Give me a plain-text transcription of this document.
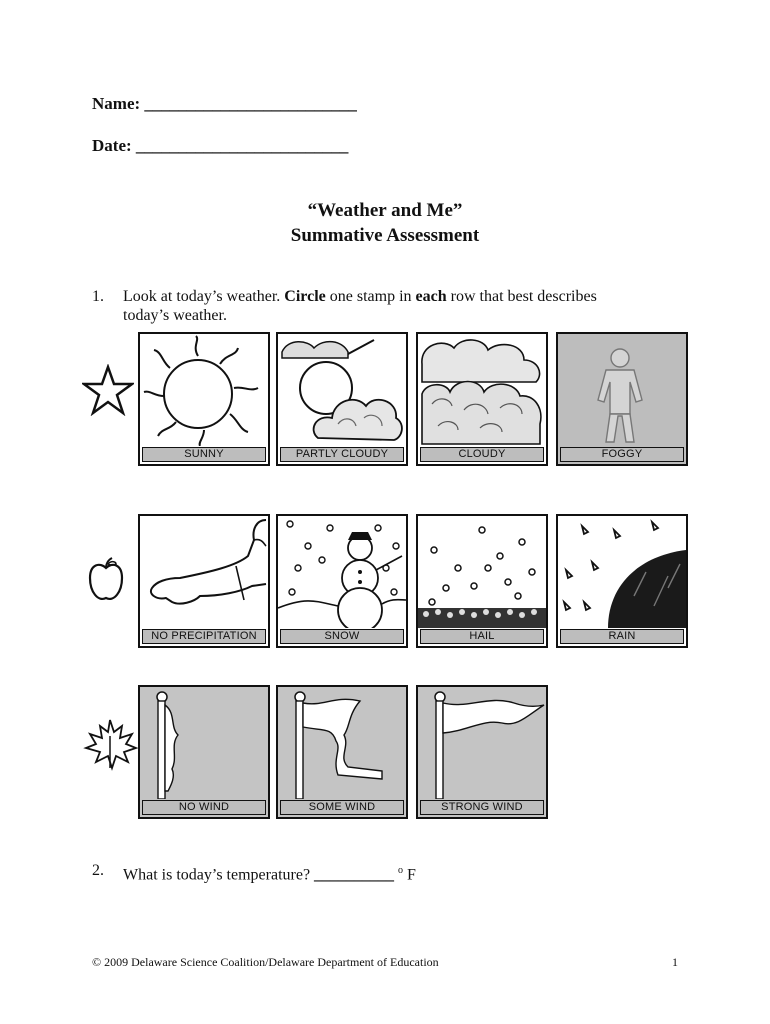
Name: _________________________
Date: _________________________
“Weather and Me”
Summative Assessment
1. Look at today’s weather. Circle one stamp in each row that best describes
today’s weather.
SUNNY	PARTLY CLOUDY	CLOUDY	FOGGY
NO PRECIPITATION	SNOW	HAIL	RAIN
NO WIND	SOME WIND	STRONG WIND
2. What is today’s temperature? __________ $^o$ F
© 2009 Delaware Science Coalition/Delaware Department of Education	1
